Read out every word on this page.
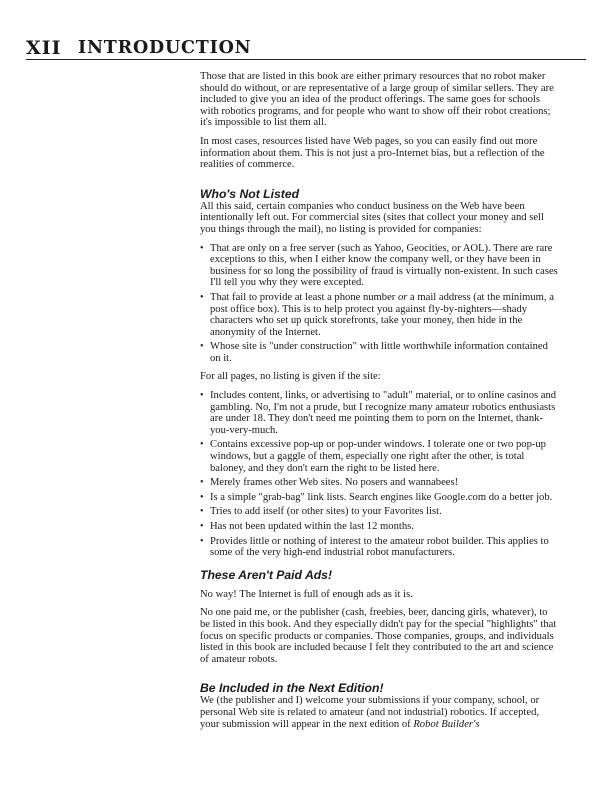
XII INTRODUCTION

Those that are listed in this book are either primary resources that no robot maker should do without, or are representative of a large group of similar sellers. They are included to give you an idea of the product offerings. The same goes for schools with robotics programs, and for people who want to show off their robot creations; it's impossible to list them all.

In most cases, resources listed have Web pages, so you can easily find out more information about them. This is not just a pro-Internet bias, but a reflection of the realities of commerce.

Who's Not Listed

All this said, certain companies who conduct business on the Web have been intentionally left out. For commercial sites (sites that collect your money and sell you things through the mail), no listing is provided for companies:

• That are only on a free server (such as Yahoo, Geocities, or AOL). There are rare exceptions to this, when I either know the company well, or they have been in business for so long the possibility of fraud is virtually non-existent. In such cases I'll tell you why they were excepted.
• That fail to provide at least a phone number or a mail address (at the minimum, a post office box). This is to help protect you against fly-by-nighters—shady characters who set up quick storefronts, take your money, then hide in the anonymity of the Internet.
• Whose site is "under construction" with little worthwhile information contained on it.

For all pages, no listing is given if the site:

• Includes content, links, or advertising to "adult" material, or to online casinos and gambling. No, I'm not a prude, but I recognize many amateur robotics enthusiasts are under 18. They don't need me pointing them to porn on the Internet, thank-you-very-much.
• Contains excessive pop-up or pop-under windows. I tolerate one or two pop-up windows, but a gaggle of them, especially one right after the other, is total baloney, and they don't earn the right to be listed here.
• Merely frames other Web sites. No posers and wannabees!
• Is a simple "grab-bag" link lists. Search engines like Google.com do a better job.
• Tries to add itself (or other sites) to your Favorites list.
• Has not been updated within the last 12 months.
• Provides little or nothing of interest to the amateur robot builder. This applies to some of the very high-end industrial robot manufacturers.
These Aren't Paid Ads!

No way! The Internet is full of enough ads as it is.

No one paid me, or the publisher (cash, freebies, beer, dancing girls, whatever), to be listed in this book. And they especially didn't pay for the special "highlights" that focus on specific products or companies. Those companies, groups, and individuals listed in this book are included because I felt they contributed to the art and science of amateur robots.

Be Included in the Next Edition!

We (the publisher and I) welcome your submissions if your company, school, or personal Web site is related to amateur (and not industrial) robotics. If accepted, your submission will appear in the next edition of Robot Builder's
